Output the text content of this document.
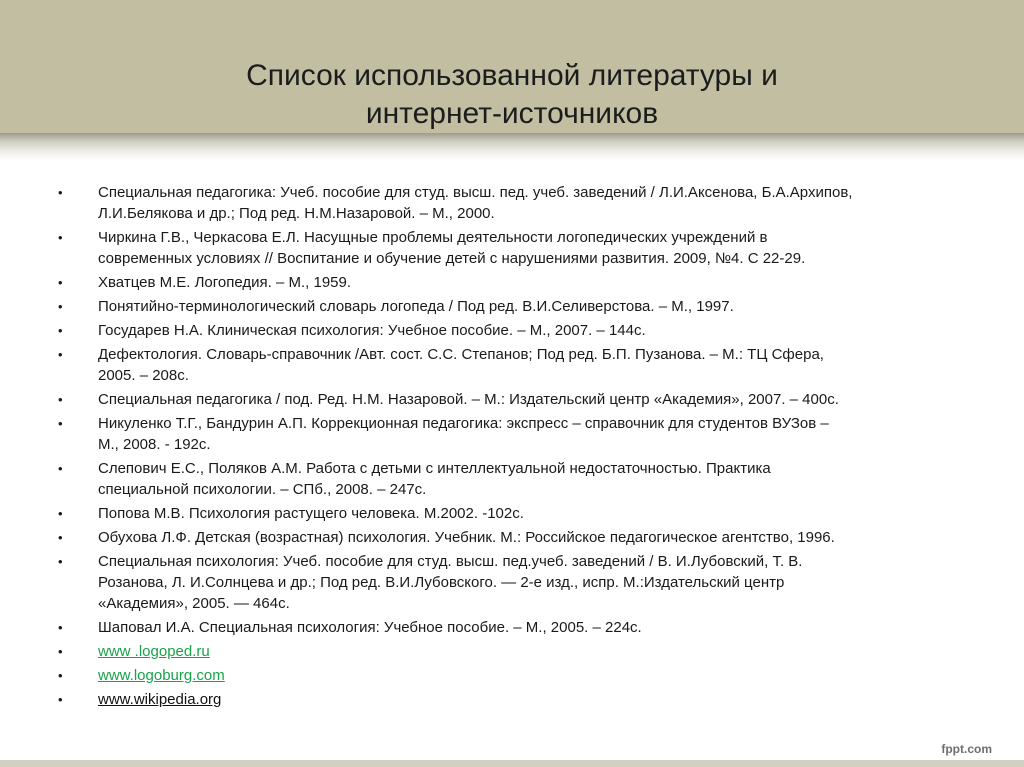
Список использованной литературы и
интернет-источников
• Специальная педагогика: Учеб. пособие для студ. высш. пед. учеб. заведений / Л.И.Аксенова, Б.А.Архипов,
Л.И.Белякова и др.; Под ред. Н.М.Назаровой. – М., 2000.
• Чиркина Г.В., Черкасова Е.Л. Насущные проблемы деятельности логопедических учреждений в
современных условиях // Воспитание и обучение детей с нарушениями развития. 2009, №4. С 22-29.
• Хватцев М.Е. Логопедия. – М., 1959.
• Понятийно-терминологический словарь логопеда / Под ред. В.И.Селиверстова. – М., 1997.
• Государев Н.А. Клиническая психология: Учебное пособие. – М., 2007. – 144с.
• Дефектология. Словарь-справочник /Авт. сост. С.С. Степанов; Под ред. Б.П. Пузанова. – М.: ТЦ Сфера,
2005. – 208с.
• Специальная педагогика / под. Ред. Н.М. Назаровой. – М.: Издательский центр «Академия», 2007. – 400с.
• Никуленко Т.Г., Бандурин А.П. Коррекционная педагогика: экспресс – справочник для студентов ВУЗов –
М., 2008. - 192с.
• Слепович Е.С., Поляков А.М. Работа с детьми с интеллектуальной недостаточностью. Практика
специальной психологии. – СПб., 2008. – 247с.
• Попова М.В. Психология растущего человека. М.2002. -102с.
• Обухова Л.Ф. Детская (возрастная) психология. Учебник. М.: Российское педагогическое агентство, 1996.
• Специальная психология: Учеб. пособие для студ. высш. пед.учеб. заведений / В. И.Лубовский, Т. В.
Розанова, Л. И.Солнцева и др.; Под ред. В.И.Лубовского. — 2-е изд., испр. М.:Издательский центр
«Академия», 2005. — 464с.
• Шаповал И.А. Специальная психология: Учебное пособие. – М., 2005. – 224с.
• www .logoped.ru
• www.logoburg.com
• www.wikipedia.org
fppt.com
